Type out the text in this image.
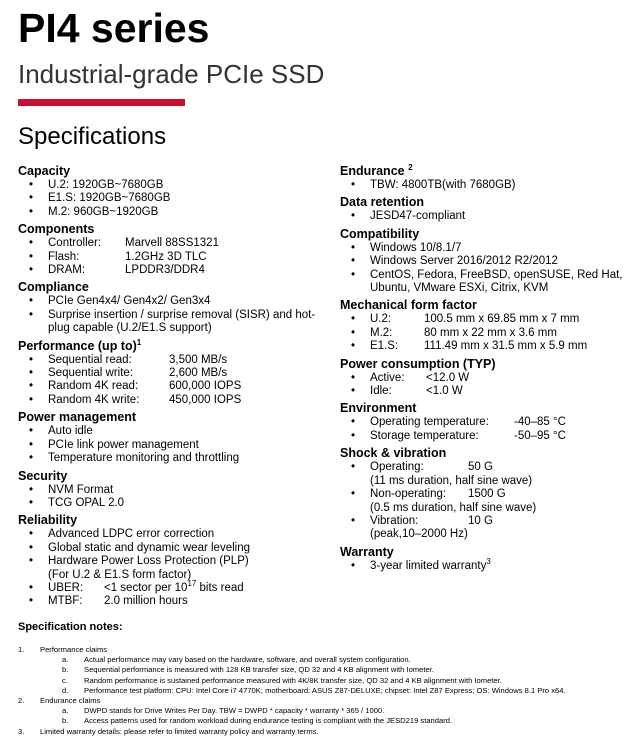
PI4 series
Industrial-grade PCIe SSD
Specifications
Capacity
• U.2: 1920GB~7680GB
• E1.S: 1920GB~7680GB
• M.2: 960GB~1920GB
Components
• Controller: Marvell 88SS1321
• Flash:	1.2GHz 3D TLC
• DRAM:	LPDDR3/DDR4
Compliance
• PCIe Gen4x4/ Gen4x2/ Gen3x4
• Surprise insertion / surprise removal (SISR) and hot-plug capable (U.2/E1.S support)
Performance (up to)$^1$
• Sequential read:	3,500 MB/s
• Sequential write:	2,600 MB/s
• Random 4K read:	600,000 IOPS
• Random 4K write:	450,000 IOPS
Power management
• Auto idle
• PCIe link power management
• Temperature monitoring and throttling
Security
• NVM Format
• TCG OPAL 2.0
Reliability
• Advanced LDPC error correction
• Global static and dynamic wear leveling
• Hardware Power Loss Protection (PLP)
(For U.2 & E1.S form factor)
• UBER: <1 sector per $10^{17}$ bits read
• MTBF: 2.0 million hours
Endurance $^2$
• TBW: 4800TB(with 7680GB)
Data retention
• JESD47-compliant
Compatibility
• Windows 10/8.1/7
• Windows Server 2016/2012 R2/2012
• CentOS, Fedora, FreeBSD, openSUSE, Red Hat, Ubuntu, VMware ESXi, Citrix, KVM
Mechanical form factor
• U.2:	100.5 mm x 69.85 mm x 7 mm
• M.2:	80 mm x 22 mm x 3.6 mm
• E1.S: 111.49 mm x 31.5 mm x 5.9 mm
Power consumption (TYP)
• Active: <12.0 W
• Idle:	<1.0 W
Environment
• Operating temperature: -40–85 °C
• Storage temperature:	-50–95 °C
Shock & vibration
• Operating:	50 G
(11 ms duration, half sine wave)
• Non-operating: 1500 G
(0.5 ms duration, half sine wave)
• Vibration:	10 G
(peak,10–2000 Hz)
Warranty
• 3-year limited warranty$^3$
Specification notes:
1. Performance claims
a. Actual performance may vary based on the hardware, software, and overall system configuration.
b. Sequential performance is measured with 128 KB transfer size, QD 32 and 4 KB alignment with Iometer.
c. Random performance is sustained performance measured with 4K/8K transfer size, QD 32 and 4 KB alignment with Iometer.
d. Performance test platform: CPU: Intel Core i7 4770K; motherboard: ASUS Z87-DELUXE; chipset: Intel Z87 Express; OS: Windows 8.1 Pro x64.
2. Endurance claims
a. DWPD stands for Drive Writes Per Day. TBW = DWPD * capacity * warranty * 365 / 1000.
b. Access patterns used for random workload during endurance testing is compliant with the JESD219 standard.
3. Limited warranty details: please refer to limited warranty policy and warranty terms.
